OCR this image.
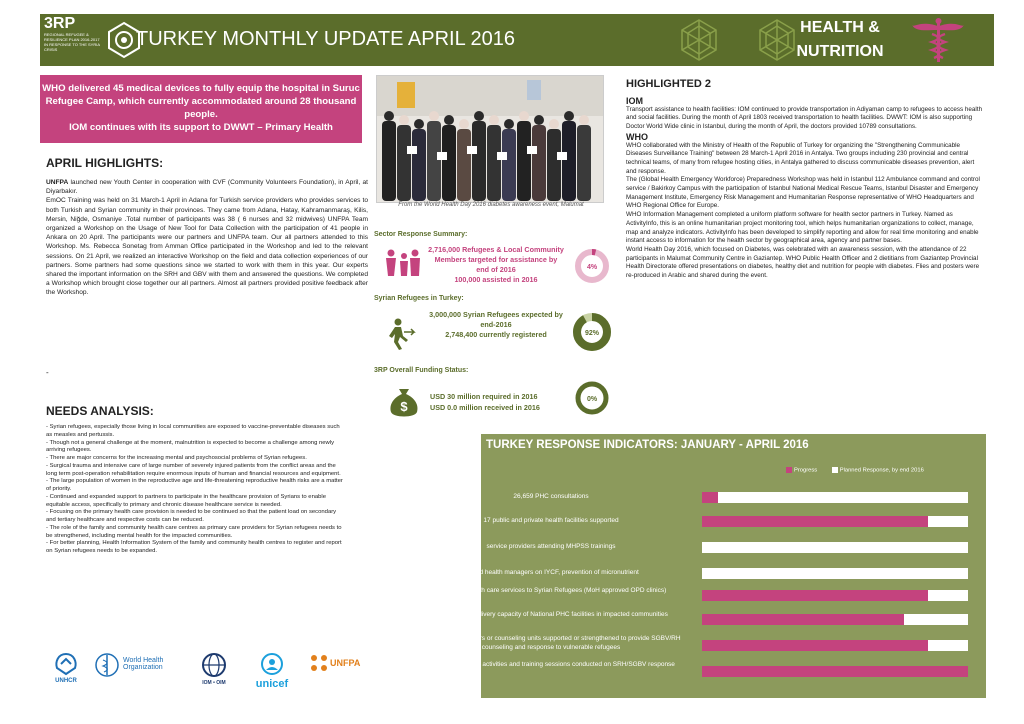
3RP
REGIONAL REFUGEE & RESILIENCE PLAN 2016-2017 IN RESPONSE TO THE SYRIA CRISIS	TURKEY MONTHLY UPDATE APRIL 2016
HEALTH & NUTRITION
WHO delivered 45 medical devices to fully equip the hospital in Suruc Refugee Camp, which currently accommodated around 28 thousand people.
IOM continues with its support to DWWT – Primary Health
From the World Health Day 2016 diabetes awareness event, Malumat
APRIL HIGHLIGHTS:

UNFPA launched new Youth Center in cooperation with CVF (Community Volunteers Foundation), in April, at Diyarbakır.

EmOC Training was held on 31 March-1 April in Adana for Turkish service providers who provides services to both Turkish and Syrian community in their provinces. They came from Adana, Hatay, Kahramanmaraş, Kilis, Mersin, Niğde, Osmaniye .Total number of participants was 38 ( 6 nurses and 32 midwives) UNFPA Team organized a Workshop on the Usage of New Tool for Data Collection with the participation of 41 people in Ankara on 20 April. The participants were our partners and UNFPA team. Our all partners attended to this Workshop. Ms. Rebecca Sonetag from Amman Office participated in the Workshop and led to the relevant sessions. On 21 April, we realized an interactive Workshop on the field and data collection experiences of our partners. Some partners had some questions since we started to work with them in this year. Our experts shared the important information on the SRH and GBV with them and answered the questions. We completed a Workshop which brought close together our all partners. Almost all partners provided positive feedback after the Workshop.

-
NEEDS ANALYSIS:
- Syrian refugees, especially those living in local communities are exposed to vaccine-preventable diseases such as measles and pertussis.
- Though not a general challenge at the moment, malnutrition is expected to become a challenge among newly arriving refugees.
- There are major concerns for the increasing mental and psychosocial problems of Syrian refugees.
- Surgical trauma and intensive care of large number of severely injured patients from the conflict areas and the long term post-operation rehabilitation require enormous inputs of human and financial resources and equipment.
- The large population of women in the reproductive age and life-threatening reproductive health risks are a matter of priority.
- Continued and expanded support to partners to participate in the healthcare provision of Syrians to enable equitable access, specifically to primary and chronic disease healthcare service is needed.
- Focusing on the primary health care provision is needed to be continued so that the patient load on secondary and tertiary healthcare and respective costs can be reduced.
- The role of the family and community health care centres as primary care providers for Syrian refugees needs to be strengthened, including mental health for the impacted communities.
- For better planning, Health Information System of the family and community health centres to register and report on Syrian refugees needs to be expanded.
UNHCR
World Health
Organization
IOM • OIM	unicef
UNFPA
Sector Response Summary:
2,716,000 Refugees & Local Community Members targeted for assistance by end of 2016
100,000 assisted in 2016
4%
Syrian Refugees in Turkey:
3,000,000 Syrian Refugees expected by end-2016
2,748,400 currently registered	92%
3RP Overall Funding Status:
$
USD 30 million required in 2016
USD 0.0 million received in 2016
0%
HIGHLIGHTED 2
IOM

Transport assistance to health facilities: IOM continued to provide transportation in Adiyaman camp to refugees to access health and social facilities. During the month of April 1803 received transportation to health facilities. DWWT: IOM is also supporting Doctor World Wide clinic in Istanbul, during the month of April, the doctors provided 10789 consultations.

WHO

WHO collaborated with the Ministry of Health of the Republic of Turkey for organizing the "Strengthening Communicable Diseases Surveillance Training" between 28 March-1 April 2016 in Antalya. Two groups including 230 provincial and central technical teams, of many from refugee hosting cities, in Antalya gathered to discuss communicable diseases prevention, alert and response.

The (Global Health Emergency Workforce) Preparedness Workshop was held in Istanbul 112 Ambulance command and control service / Bakirkoy Campus with the participation of Istanbul National Medical Rescue Teams, Istanbul Disaster and Emergency Management Institute, Emergency Risk Management and Humanitarian Response representative of WHO Headquarters and WHO Regional Office for Europe.

WHO Information Management completed a uniform platform software for health sector partners in Turkey. Named as ActivityInfo, this is an online humanitarian project monitoring tool, which helps humanitarian organizations to collect, manage, map and analyze indicators. ActivityInfo has been developed to simplify reporting and allow for real time monitoring and enable instant access to information for the health sector by geographical area, agency and partner bases.

World Health Day 2016, which focused on Diabetes, was celebrated with an awareness session, with the attendance of 22 participants in Malumat Community Centre in Gaziantep. WHO Public Health Officer and 2 dietitians from Gaziantep Provincial Health Directorate offered presentations on diabetes, healthy diet and nutrition for people with diabetes. Flies and posters were re-produced in Arabic and shared during the event.

TURKEY RESPONSE INDICATORS: JANUARY - APRIL 2016
Progress	Planned Response, by end 2016
26,659 PHC consultations
17 public and private health facilities supported
service providers attending MHPSS trainings
trained health managers on IYCF, prevention of micronutrient
17 partner health care services to Syrian Refugees (MoH approved OPD clinics)
15 increased delivery capacity of National PHC facilities in impacted communities
18 community centers or counseling units supported or strengthened to provide SGBV/RH counseling and response to vulnerable refugees
7 capacity building activities and training sessions conducted on SRH/SGBV response
